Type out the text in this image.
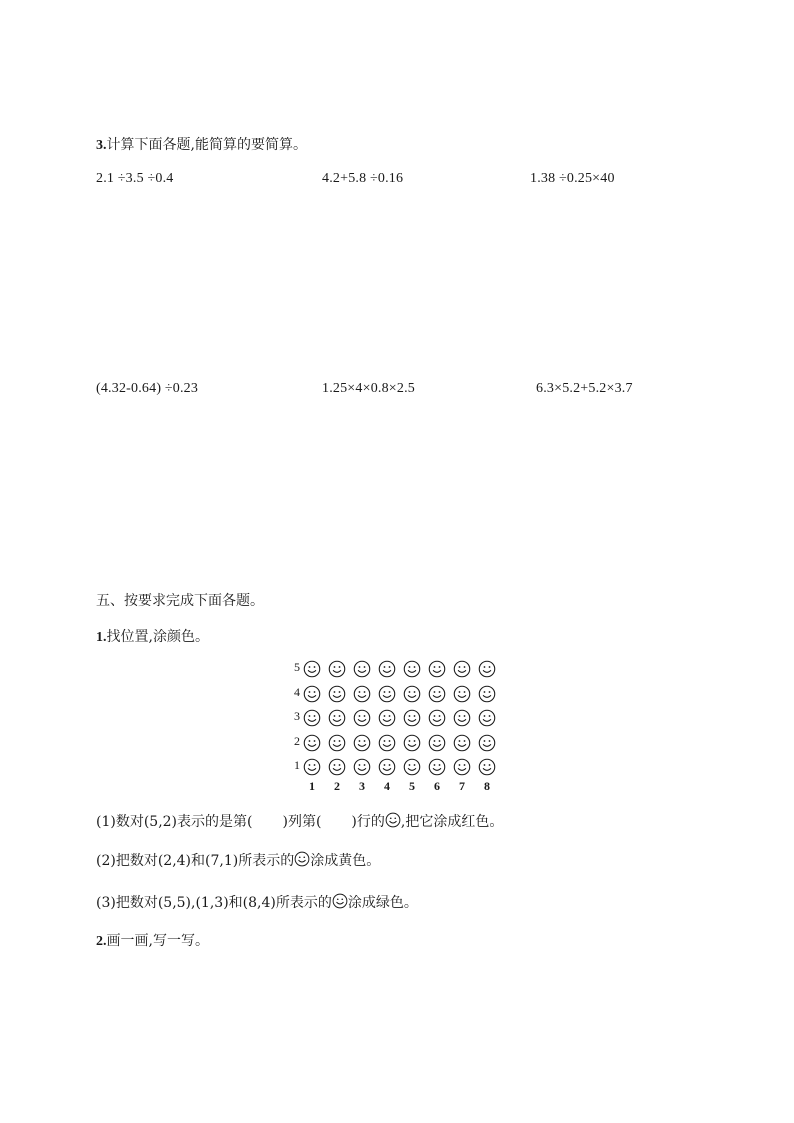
3.计算下面各题,能简算的要简算。
2.1 ÷3.5 ÷0.4	4.2+5.8 ÷0.16	1.38 ÷0.25×40
(4.32-0.64) ÷0.23	1.25×4×0.8×2.5	6.3×5.2+5.2×3.7
五、按要求完成下面各题。
1.找位置,涂颜色。
5
4
3
2
1
1	2	3	4	5	6	7	8
(1)数对(5,2)表示的是第( )列第( )行的 ,把它涂成红色。
(2)把数对(2,4)和(7,1)所表示的 涂成黄色。
(3)把数对(5,5),(1,3)和(8,4)所表示的 涂成绿色。
2.画一画,写一写。
